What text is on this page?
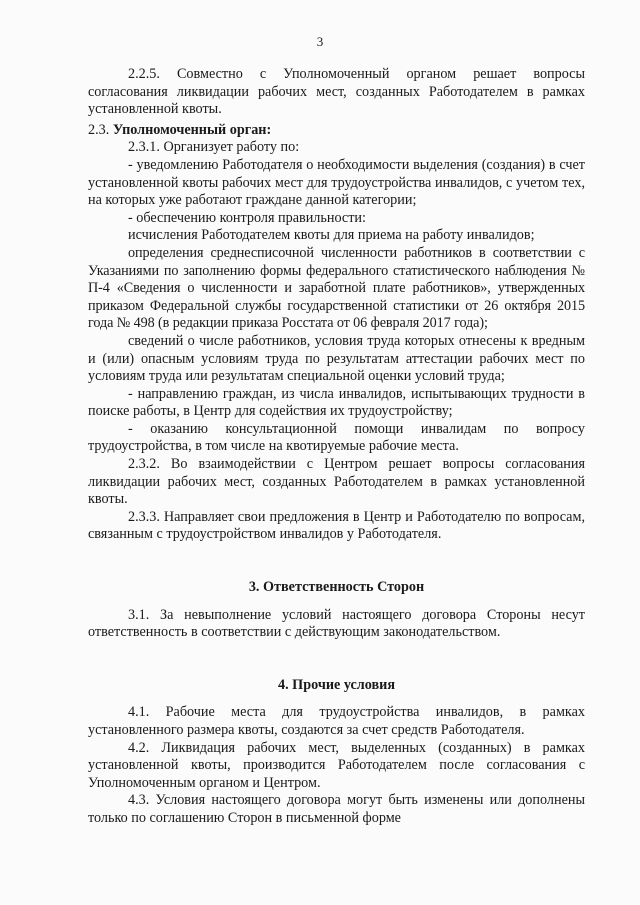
3

2.2.5. Совместно с Уполномоченный органом решает вопросы согласования ликвидации рабочих мест, созданных Работодателем в рамках установленной квоты.

2.3. Уполномоченный орган:

2.3.1. Организует работу по:

- уведомлению Работодателя о необходимости выделения (создания) в счет установленной квоты рабочих мест для трудоустройства инвалидов, с учетом тех, на которых уже работают граждане данной категории;

- обеспечению контроля правильности:

исчисления Работодателем квоты для приема на работу инвалидов;

определения среднесписочной численности работников в соответствии с Указаниями по заполнению формы федерального статистического наблюдения № П-4 «Сведения о численности и заработной плате работников», утвержденных приказом Федеральной службы государственной статистики от 26 октября 2015 года № 498 (в редакции приказа Росстата от 06 февраля 2017 года);

сведений о числе работников, условия труда которых отнесены к вредным и (или) опасным условиям труда по результатам аттестации рабочих мест по условиям труда или результатам специальной оценки условий труда;

- направлению граждан, из числа инвалидов, испытывающих трудности в поиске работы, в Центр для содействия их трудоустройству;

- оказанию консультационной помощи инвалидам по вопросу трудоустройства, в том числе на квотируемые рабочие места.

2.3.2. Во взаимодействии с Центром решает вопросы согласования ликвидации рабочих мест, созданных Работодателем в рамках установленной квоты.

2.3.3. Направляет свои предложения в Центр и Работодателю по вопросам, связанным с трудоустройством инвалидов у Работодателя.

3. Ответственность Сторон

3.1. За невыполнение условий настоящего договора Стороны несут ответственность в соответствии с действующим законодательством.

4. Прочие условия

4.1. Рабочие места для трудоустройства инвалидов, в рамках установленного размера квоты, создаются за счет средств Работодателя.

4.2. Ликвидация рабочих мест, выделенных (созданных) в рамках установленной квоты, производится Работодателем после согласования с Уполномоченным органом и Центром.

4.3. Условия настоящего договора могут быть изменены или дополнены только по соглашению Сторон в письменной форме
